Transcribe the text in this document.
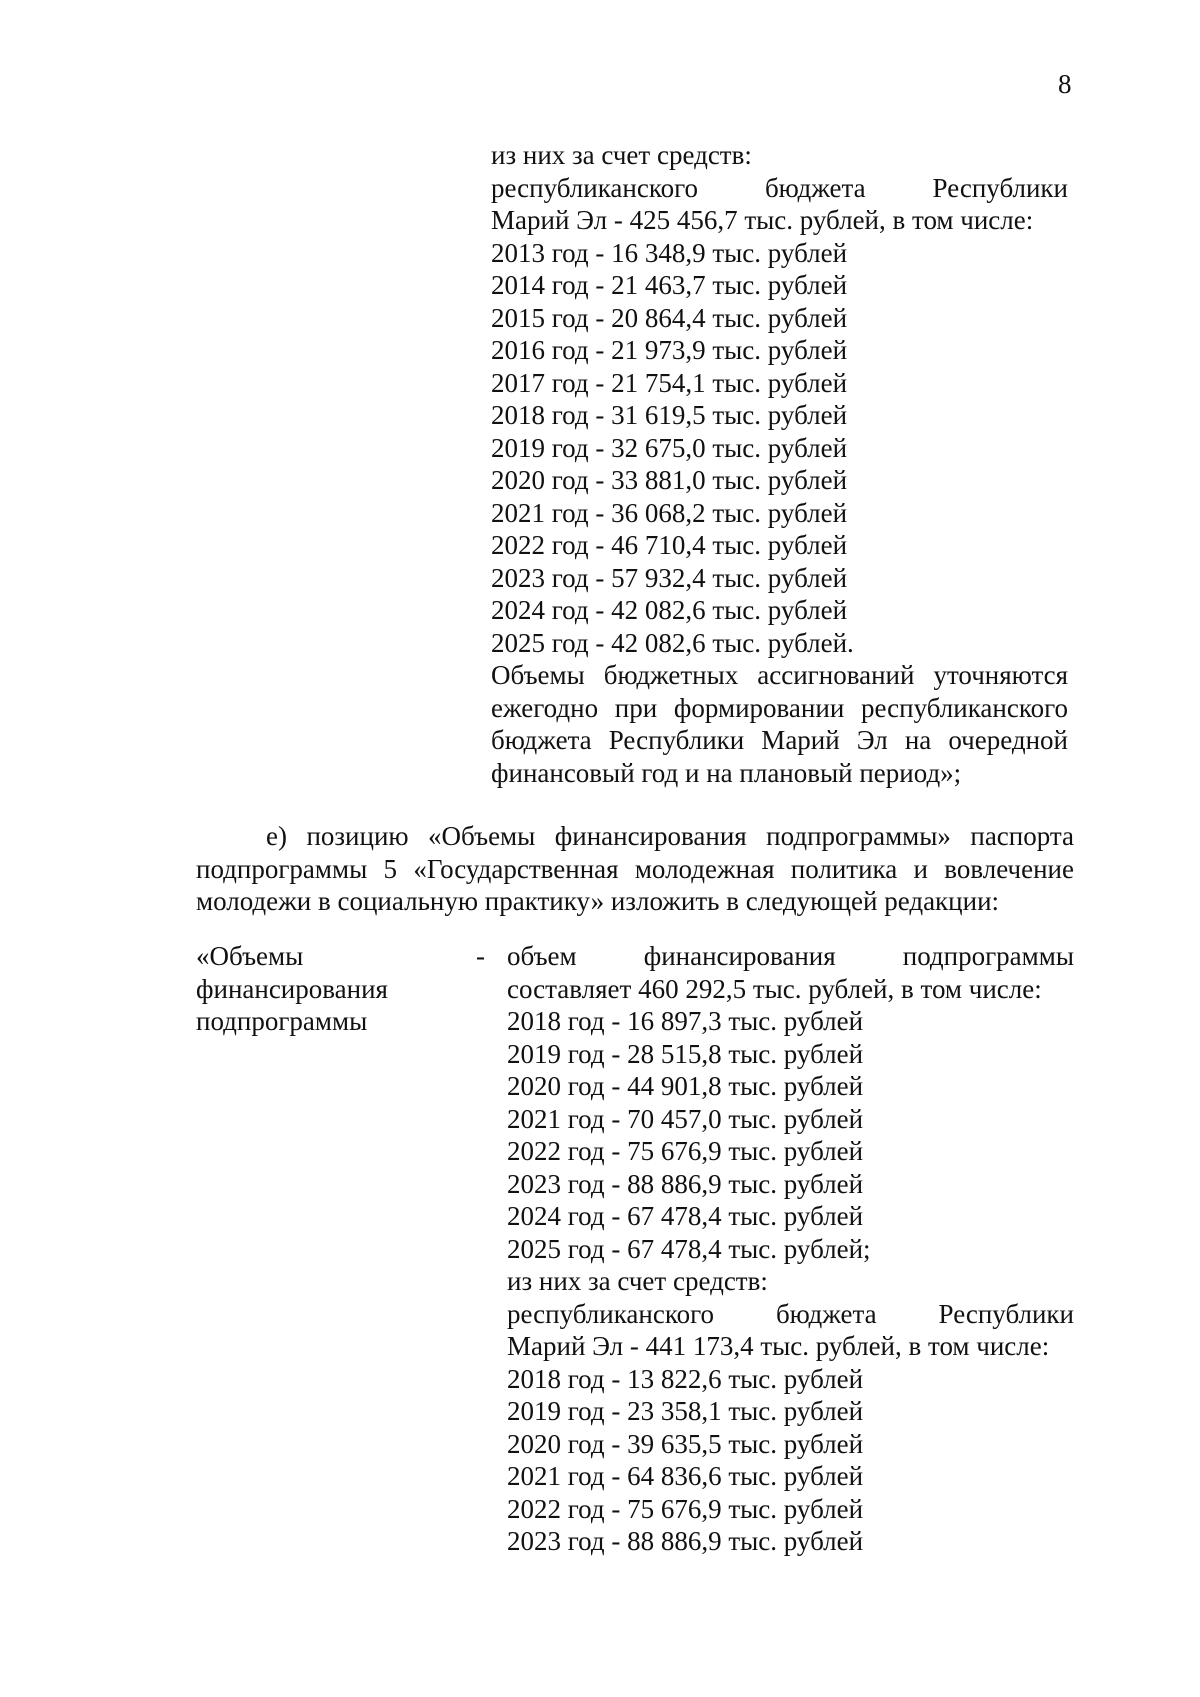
8
из них за счет средств:
республиканского бюджета Республики
Марий Эл - 425 456,7 тыс. рублей, в том числе:
2013 год - 16 348,9 тыс. рублей
2014 год - 21 463,7 тыс. рублей
2015 год - 20 864,4 тыс. рублей
2016 год - 21 973,9 тыс. рублей
2017 год - 21 754,1 тыс. рублей
2018 год - 31 619,5 тыс. рублей
2019 год - 32 675,0 тыс. рублей
2020 год - 33 881,0 тыс. рублей
2021 год - 36 068,2 тыс. рублей
2022 год - 46 710,4 тыс. рублей
2023 год - 57 932,4 тыс. рублей
2024 год - 42 082,6 тыс. рублей
2025 год - 42 082,6 тыс. рублей.
Объемы бюджетных ассигнований уточняются
ежегодно при формировании республиканского
бюджета Республики Марий Эл на очередной
финансовый год и на плановый период»;
е) позицию «Объемы финансирования подпрограммы» паспорта
подпрограммы 5 «Государственная молодежная политика и вовлечение
молодежи в социальную практику» изложить в следующей редакции:
«Объемы
финансирования
подпрограммы
- объем финансирования подпрограммы
составляет 460 292,5 тыс. рублей, в том числе:
2018 год - 16 897,3 тыс. рублей
2019 год - 28 515,8 тыс. рублей
2020 год - 44 901,8 тыс. рублей
2021 год - 70 457,0 тыс. рублей
2022 год - 75 676,9 тыс. рублей
2023 год - 88 886,9 тыс. рублей
2024 год - 67 478,4 тыс. рублей
2025 год - 67 478,4 тыс. рублей;
из них за счет средств:
республиканского бюджета Республики
Марий Эл - 441 173,4 тыс. рублей, в том числе:
2018 год - 13 822,6 тыс. рублей
2019 год - 23 358,1 тыс. рублей
2020 год - 39 635,5 тыс. рублей
2021 год - 64 836,6 тыс. рублей
2022 год - 75 676,9 тыс. рублей
2023 год - 88 886,9 тыс. рублей
